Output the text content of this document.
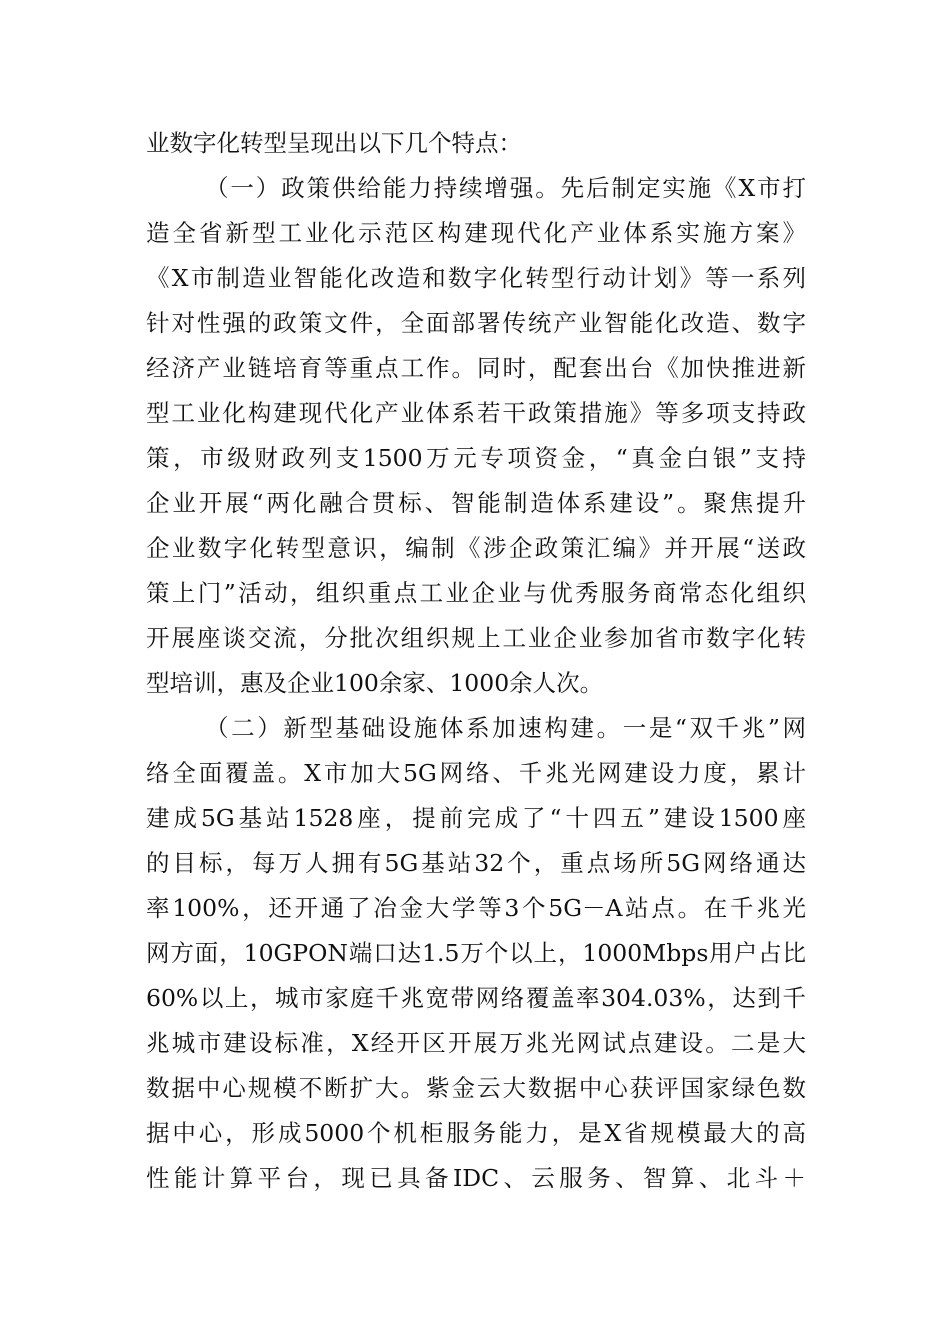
业数字化转型呈现出以下几个特点：
（一）政策供给能力持续增强。先后制定实施《X市打
造全省新型工业化示范区构建现代化产业体系实施方案》
《X市制造业智能化改造和数字化转型行动计划》等一系列
针对性强的政策文件，全面部署传统产业智能化改造、数字
经济产业链培育等重点工作。同时，配套出台《加快推进新
型工业化构建现代化产业体系若干政策措施》等多项支持政
策，市级财政列支1500万元专项资金，“真金白银”支持
企业开展“两化融合贯标、智能制造体系建设”。聚焦提升
企业数字化转型意识，编制《涉企政策汇编》并开展“送政
策上门”活动，组织重点工业企业与优秀服务商常态化组织
开展座谈交流，分批次组织规上工业企业参加省市数字化转
型培训，惠及企业100余家、1000余人次。
（二）新型基础设施体系加速构建。一是“双千兆”网
络全面覆盖。X市加大5G网络、千兆光网建设力度，累计
建成5G基站1528座，提前完成了“十四五”建设1500座
的目标，每万人拥有5G基站32个，重点场所5G网络通达
率100%，还开通了冶金大学等3个5G－A站点。在千兆光
网方面，10GPON端口达1.5万个以上，1000Mbps用户占比
60%以上，城市家庭千兆宽带网络覆盖率304.03%，达到千
兆城市建设标准，X经开区开展万兆光网试点建设。二是大
数据中心规模不断扩大。紫金云大数据中心获评国家绿色数
据中心，形成5000个机柜服务能力，是X省规模最大的高
性能计算平台，现已具备IDC、云服务、智算、北斗＋
